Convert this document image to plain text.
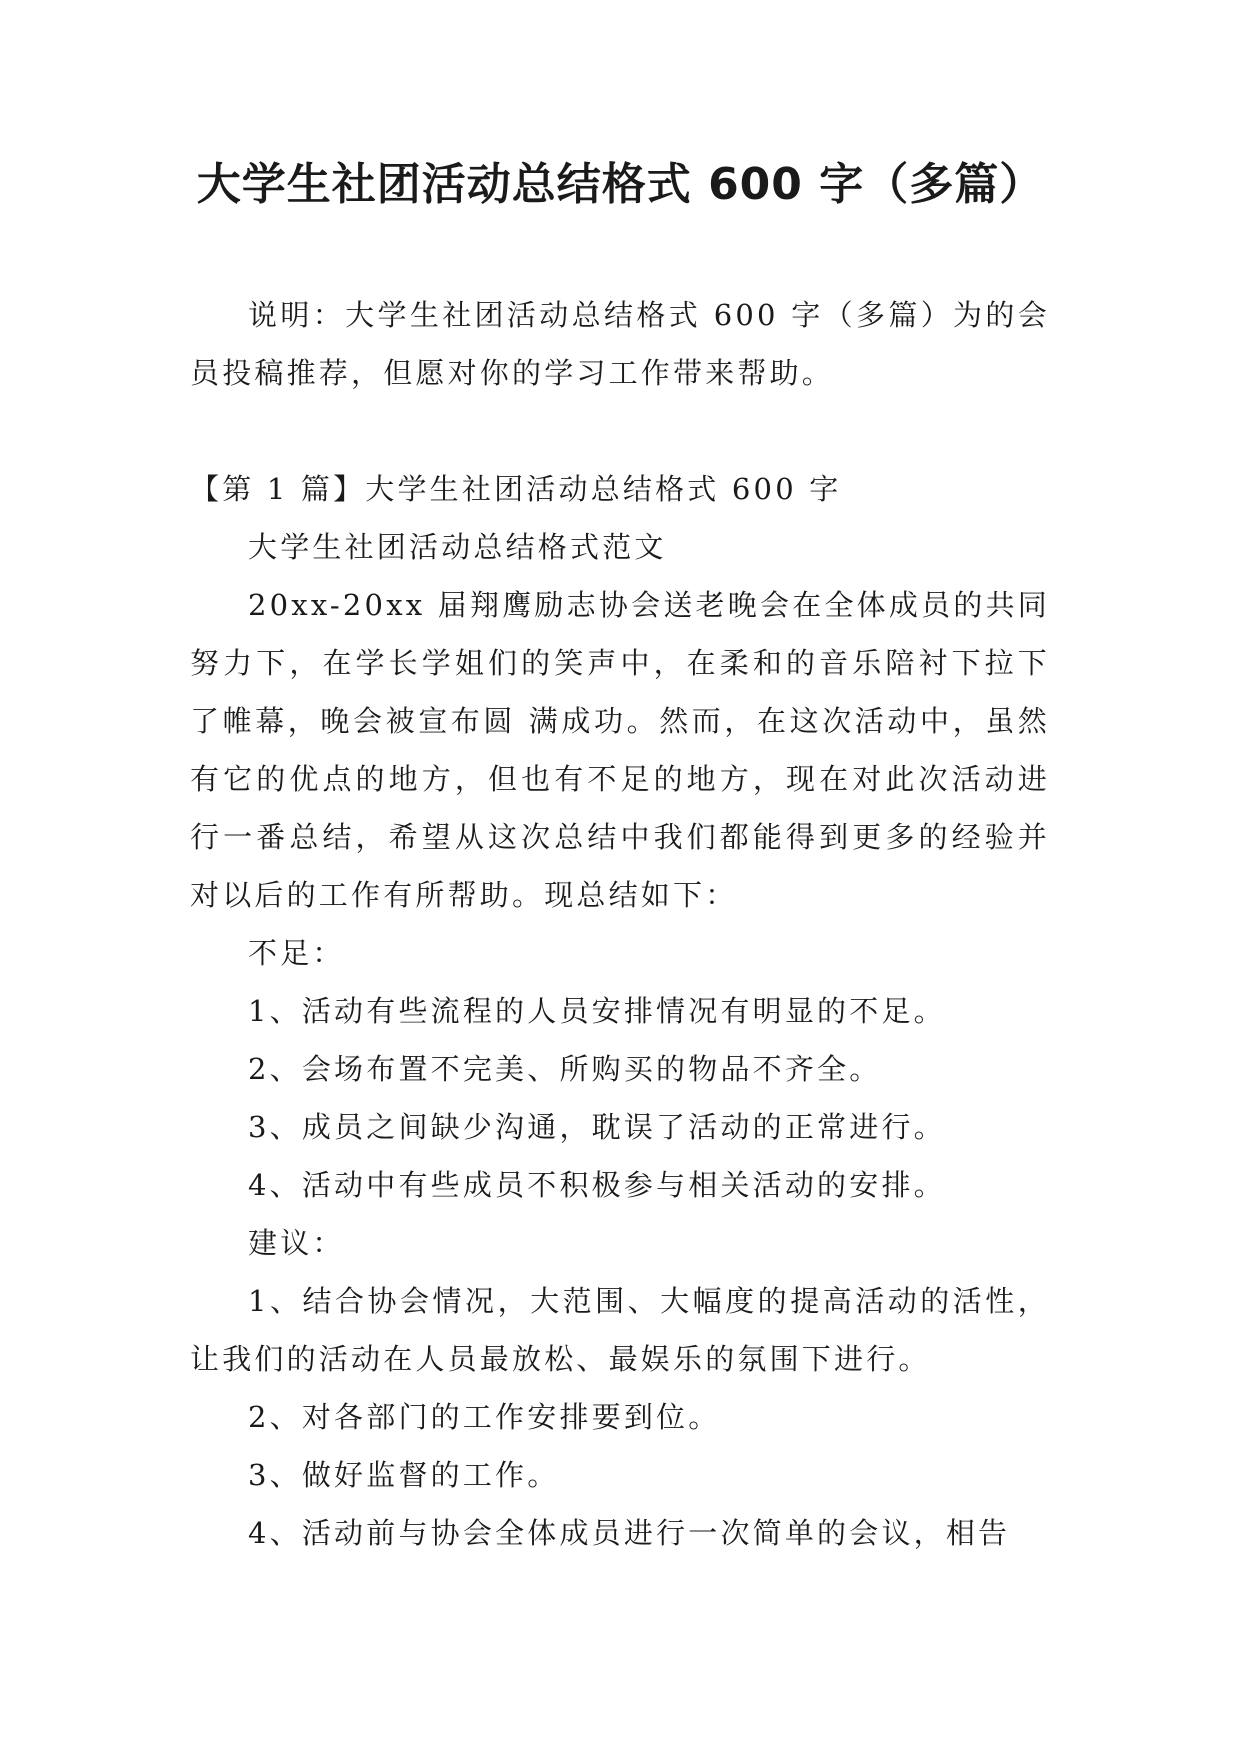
大学生社团活动总结格式 600 字（多篇）

说明：大学生社团活动总结格式 600 字（多篇）为的会员投稿推荐，但愿对你的学习工作带来帮助。

【第 1 篇】大学生社团活动总结格式 600 字

大学生社团活动总结格式范文

20xx-20xx 届翔鹰励志协会送老晚会在全体成员的共同努力下，在学长学姐们的笑声中，在柔和的音乐陪衬下拉下了帷幕，晚会被宣布圆 满成功。然而，在这次活动中，虽然有它的优点的地方，但也有不足的地方，现在对此次活动进行一番总结，希望从这次总结中我们都能得到更多的经验并对以后的工作有所帮助。现总结如下：

不足：

1、活动有些流程的人员安排情况有明显的不足。

2、会场布置不完美、所购买的物品不齐全。

3、成员之间缺少沟通，耽误了活动的正常进行。

4、活动中有些成员不积极参与相关活动的安排。

建议：

1、结合协会情况，大范围、大幅度的提高活动的活性，让我们的活动在人员最放松、最娱乐的氛围下进行。

2、对各部门的工作安排要到位。

3、做好监督的工作。

4、活动前与协会全体成员进行一次简单的会议，相告
